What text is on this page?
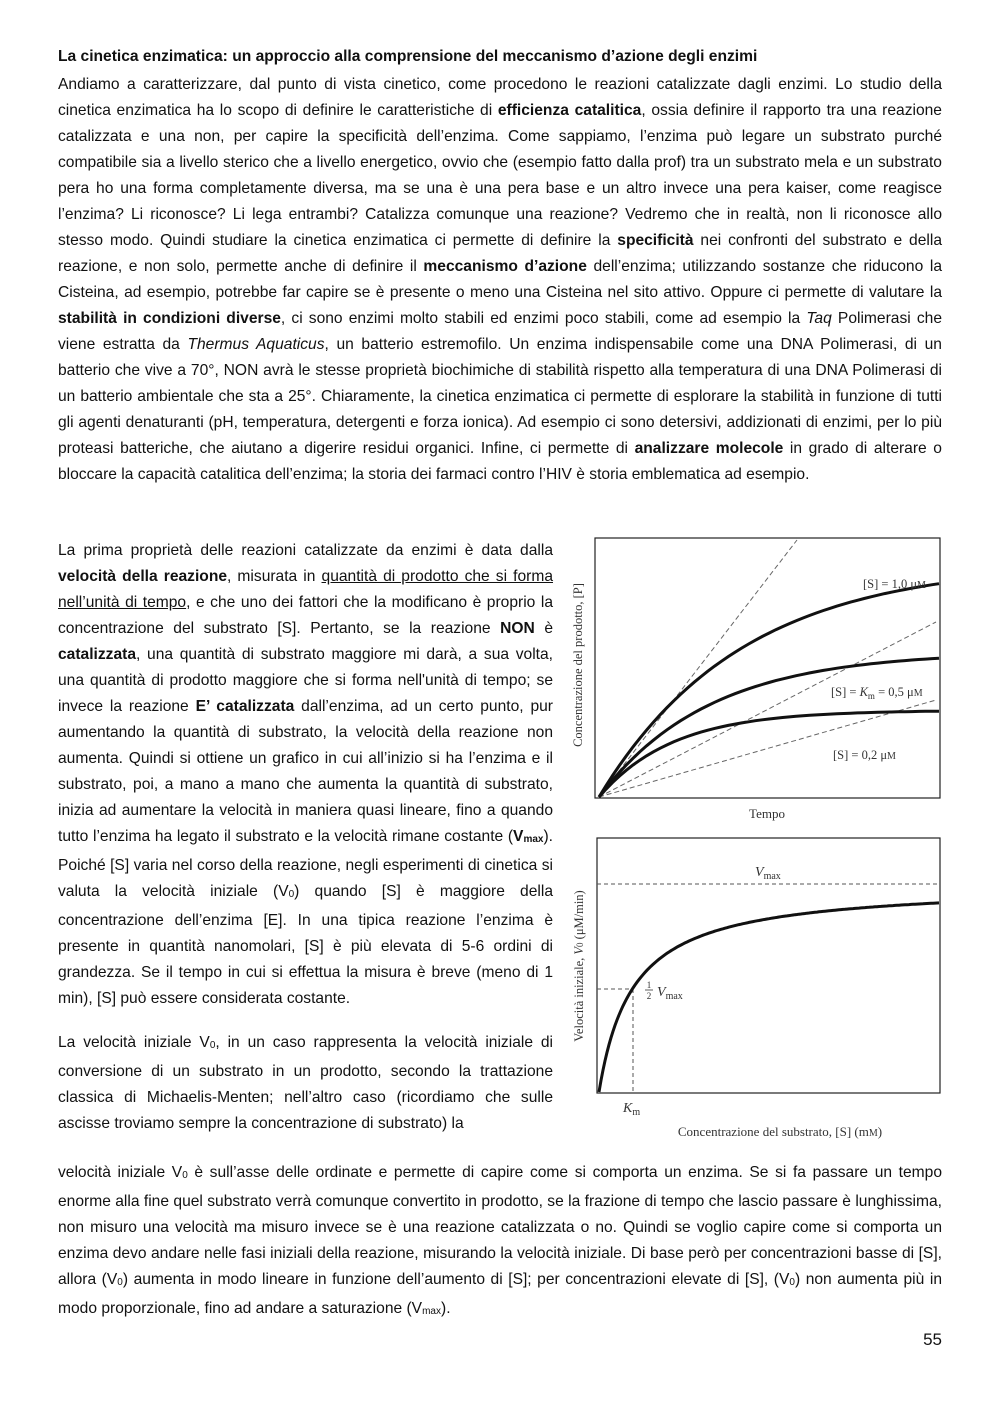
La cinetica enzimatica: un approccio alla comprensione del meccanismo d’azione degli enzimi

Andiamo a caratterizzare, dal punto di vista cinetico, come procedono le reazioni catalizzate dagli enzimi. Lo studio della cinetica enzimatica ha lo scopo di definire le caratteristiche di efficienza catalitica, ossia definire il rapporto tra una reazione catalizzata e una non, per capire la specificità dell’enzima. Come sappiamo, l’enzima può legare un substrato purché compatibile sia a livello sterico che a livello energetico, ovvio che (esempio fatto dalla prof) tra un substrato mela e un substrato pera ho una forma completamente diversa, ma se una è una pera base e un altro invece una pera kaiser, come reagisce l’enzima? Li riconosce? Li lega entrambi? Catalizza comunque una reazione? Vedremo che in realtà, non li riconosce allo stesso modo. Quindi studiare la cinetica enzimatica ci permette di definire la specificità nei confronti del substrato e della reazione, e non solo, permette anche di definire il meccanismo d’azione dell’enzima; utilizzando sostanze che riducono la Cisteina, ad esempio, potrebbe far capire se è presente o meno una Cisteina nel sito attivo. Oppure ci permette di valutare la stabilità in condizioni diverse, ci sono enzimi molto stabili ed enzimi poco stabili, come ad esempio la Taq Polimerasi che viene estratta da Thermus Aquaticus, un batterio estremofilo. Un enzima indispensabile come una DNA Polimerasi, di un batterio che vive a 70°, NON avrà le stesse proprietà biochimiche di stabilità rispetto alla temperatura di una DNA Polimerasi di un batterio ambientale che sta a 25°. Chiaramente, la cinetica enzimatica ci permette di esplorare la stabilità in funzione di tutti gli agenti denaturanti (pH, temperatura, detergenti e forza ionica). Ad esempio ci sono detersivi, addizionati di enzimi, per lo più proteasi batteriche, che aiutano a digerire residui organici. Infine, ci permette di analizzare molecole in grado di alterare o bloccare la capacità catalitica dell’enzima; la storia dei farmaci contro l’HIV è storia emblematica ad esempio.

La prima proprietà delle reazioni catalizzate da enzimi è data dalla velocità della reazione, misurata in quantità di prodotto che si forma nell’unità di tempo, e che uno dei fattori che la modificano è proprio la concentrazione del substrato [S]. Pertanto, se la reazione NON è catalizzata, una quantità di substrato maggiore mi darà, a sua volta, una quantità di prodotto maggiore che si forma nell'unità di tempo; se invece la reazione E’ catalizzata dall’enzima, ad un certo punto, pur aumentando la quantità di substrato, la velocità della reazione non aumenta. Quindi si ottiene un grafico in cui all’inizio si ha l’enzima e il substrato, poi, a mano a mano che aumenta la quantità di substrato, inizia ad aumentare la velocità in maniera quasi lineare, fino a quando tutto l’enzima ha legato il substrato e la velocità rimane costante (Vmax). Poiché [S] varia nel corso della reazione, negli esperimenti di cinetica si valuta la velocità iniziale (V0) quando [S] è maggiore della concentrazione dell’enzima [E]. In una tipica reazione l’enzima è presente in quantità nanomolari, [S] è più elevata di 5-6 ordini di grandezza. Se il tempo in cui si effettua la misura è breve (meno di 1 min), [S] può essere considerata costante.

La velocità iniziale V0, in un caso rappresenta la velocità iniziale di conversione di un substrato in un prodotto, secondo la trattazione classica di Michaelis-Menten; nell’altro caso (ricordiamo che sulle ascisse troviamo sempre la concentrazione di substrato) la

velocità iniziale V0 è sull’asse delle ordinate e permette di capire come si comporta un enzima. Se si fa passare un tempo enorme alla fine quel substrato verrà comunque convertito in prodotto, se la frazione di tempo che lascio passare è lunghissima, non misuro una velocità ma misuro invece se è una reazione catalizzata o no. Quindi se voglio capire come si comporta un enzima devo andare nelle fasi iniziali della reazione, misurando la velocità iniziale. Di base però per concentrazioni basse di [S], allora (V0) aumenta in modo lineare in funzione dell’aumento di [S]; per concentrazioni elevate di [S], (V0) non aumenta più in modo proporzionale, fino ad andare a saturazione (Vmax).

Tempo
Concentrazione del prodotto, [P]	[S] = 1,0 μM
$[S] = K_m = 0,5$ μM
[S] = 0,2 μM
$V_{max}$
1
2 $V_{max}$
$K_m$
Concentrazione del substrato, [S] (mM)
Velocità iniziale, V0 (μM/min)
55
